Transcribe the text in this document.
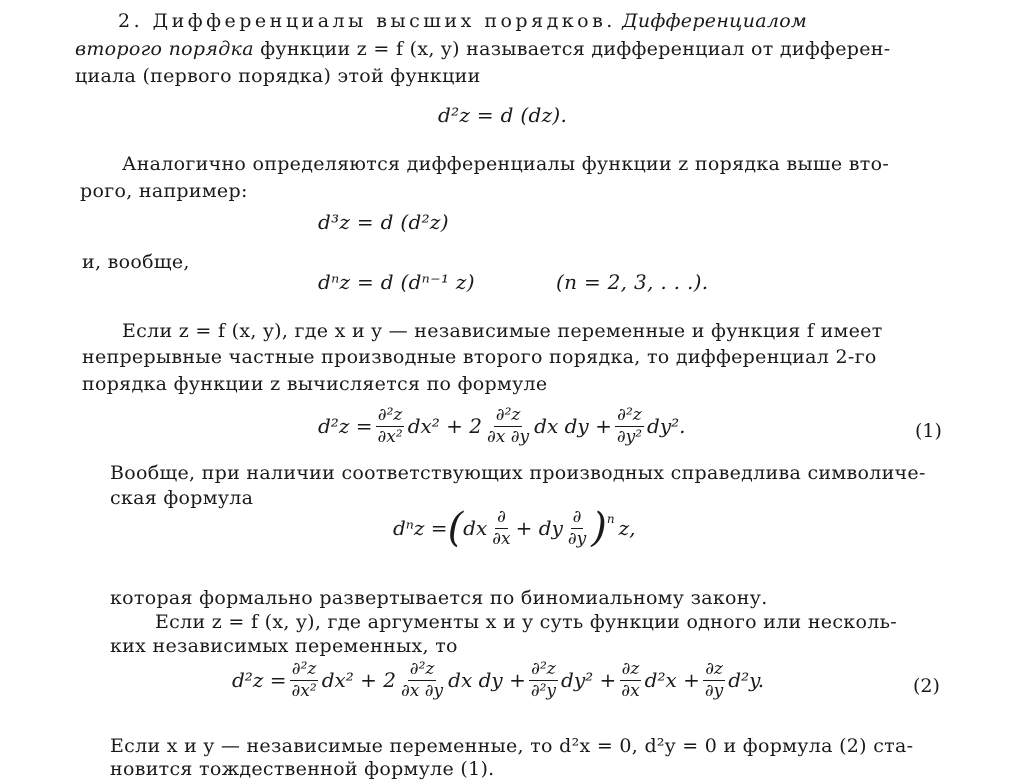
2. Дифференциалы высших порядков. Дифференциалом
второго порядка функции z = f (x, y) называется дифференциал от дифферен-
циала (первого порядка) этой функции
d²z = d (dz).
Аналогично определяются дифференциалы функции z порядка выше вто-
рого, например:
d³z = d (d²z)
и, вообще,
dⁿz = d (dⁿ⁻¹ z)	(n = 2, 3, . . .).
Если z = f (x, y), где x и y — независимые переменные и функция f имеет
непрерывные частные производные второго порядка, то дифференциал 2-го
порядка функции z вычисляется по формуле
$d^2z = \frac{\text{∂²z}}{\text{∂x²}} dx^2 + 2 \frac{\text{∂²z}}{\partial x \partial y}$ dx dy + $\frac{\text{∂²z}}{\text{∂y²}} dy^2$.	(1)
Вообще, при наличии соответствующих производных справедлива символиче-
ская формула
dⁿz = ( dx $\frac{\partial}{\partial x}$ + dy $\frac{\partial}{\partial y}$ ) n z,
которая формально развертывается по биномиальному закону.
Если z = f (x, y), где аргументы x и y суть функции одного или несколь-
ких независимых переменных, то
$d^2z = \frac{\text{∂²z}}{\text{∂x²}} dx^2 + 2 \frac{\text{∂²z}}{\partial x \partial y}$ dx dy + $\frac{\text{∂²z}}{\text{∂²y}} dy^2 + \frac{\partial z}{\partial x} d^2x + \frac{\partial z}{\partial y} d^2y$.	(2)
Если x и y — независимые переменные, то d²x = 0, d²y = 0 и формула (2) ста-
новится тождественной формуле (1).
